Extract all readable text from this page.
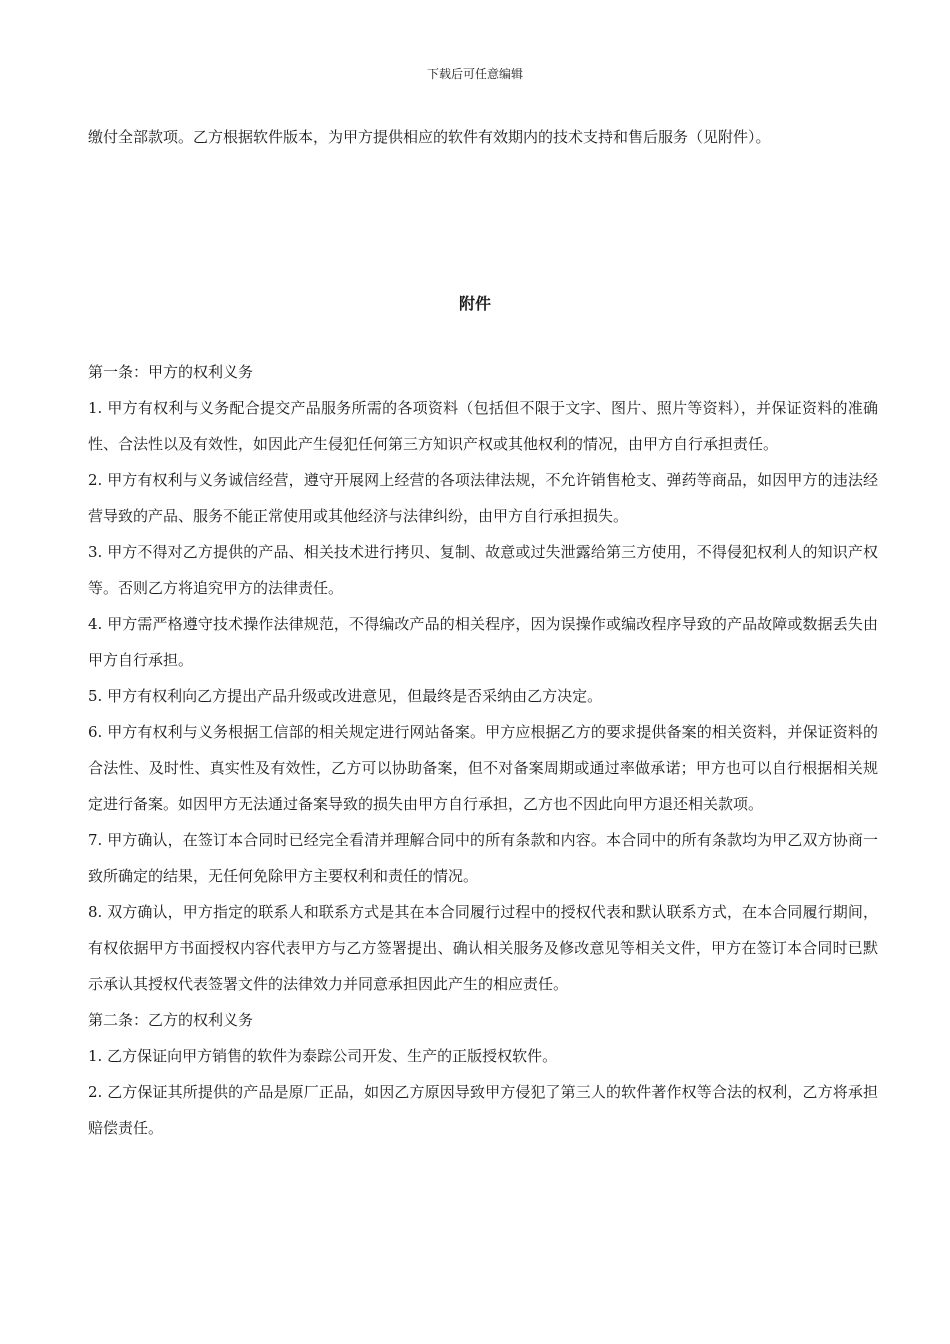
下载后可任意编辑
缴付全部款项。乙方根据软件版本，为甲方提供相应的软件有效期内的技术支持和售后服务（见附件）。
附件

第一条：甲方的权利义务

1. 甲方有权利与义务配合提交产品服务所需的各项资料（包括但不限于文字、图片、照片等资料），并保证资料的准确性、合法性以及有效性，如因此产生侵犯任何第三方知识产权或其他权利的情况，由甲方自行承担责任。

2. 甲方有权利与义务诚信经营，遵守开展网上经营的各项法律法规，不允许销售枪支、弹药等商品，如因甲方的违法经营导致的产品、服务不能正常使用或其他经济与法律纠纷，由甲方自行承担损失。

3. 甲方不得对乙方提供的产品、相关技术进行拷贝、复制、故意或过失泄露给第三方使用，不得侵犯权利人的知识产权等。否则乙方将追究甲方的法律责任。

4. 甲方需严格遵守技术操作法律规范，不得编改产品的相关程序，因为误操作或编改程序导致的产品故障或数据丢失由甲方自行承担。

5. 甲方有权利向乙方提出产品升级或改进意见，但最终是否采纳由乙方决定。

6. 甲方有权利与义务根据工信部的相关规定进行网站备案。甲方应根据乙方的要求提供备案的相关资料，并保证资料的合法性、及时性、真实性及有效性，乙方可以协助备案，但不对备案周期或通过率做承诺；甲方也可以自行根据相关规定进行备案。如因甲方无法通过备案导致的损失由甲方自行承担，乙方也不因此向甲方退还相关款项。

7. 甲方确认，在签订本合同时已经完全看清并理解合同中的所有条款和内容。本合同中的所有条款均为甲乙双方协商一致所确定的结果，无任何免除甲方主要权利和责任的情况。

8. 双方确认，甲方指定的联系人和联系方式是其在本合同履行过程中的授权代表和默认联系方式，在本合同履行期间，有权依据甲方书面授权内容代表甲方与乙方签署提出、确认相关服务及修改意见等相关文件，甲方在签订本合同时已默示承认其授权代表签署文件的法律效力并同意承担因此产生的相应责任。

第二条：乙方的权利义务

1. 乙方保证向甲方销售的软件为泰踪公司开发、生产的正版授权软件。

2. 乙方保证其所提供的产品是原厂正品，如因乙方原因导致甲方侵犯了第三人的软件著作权等合法的权利，乙方将承担赔偿责任。
